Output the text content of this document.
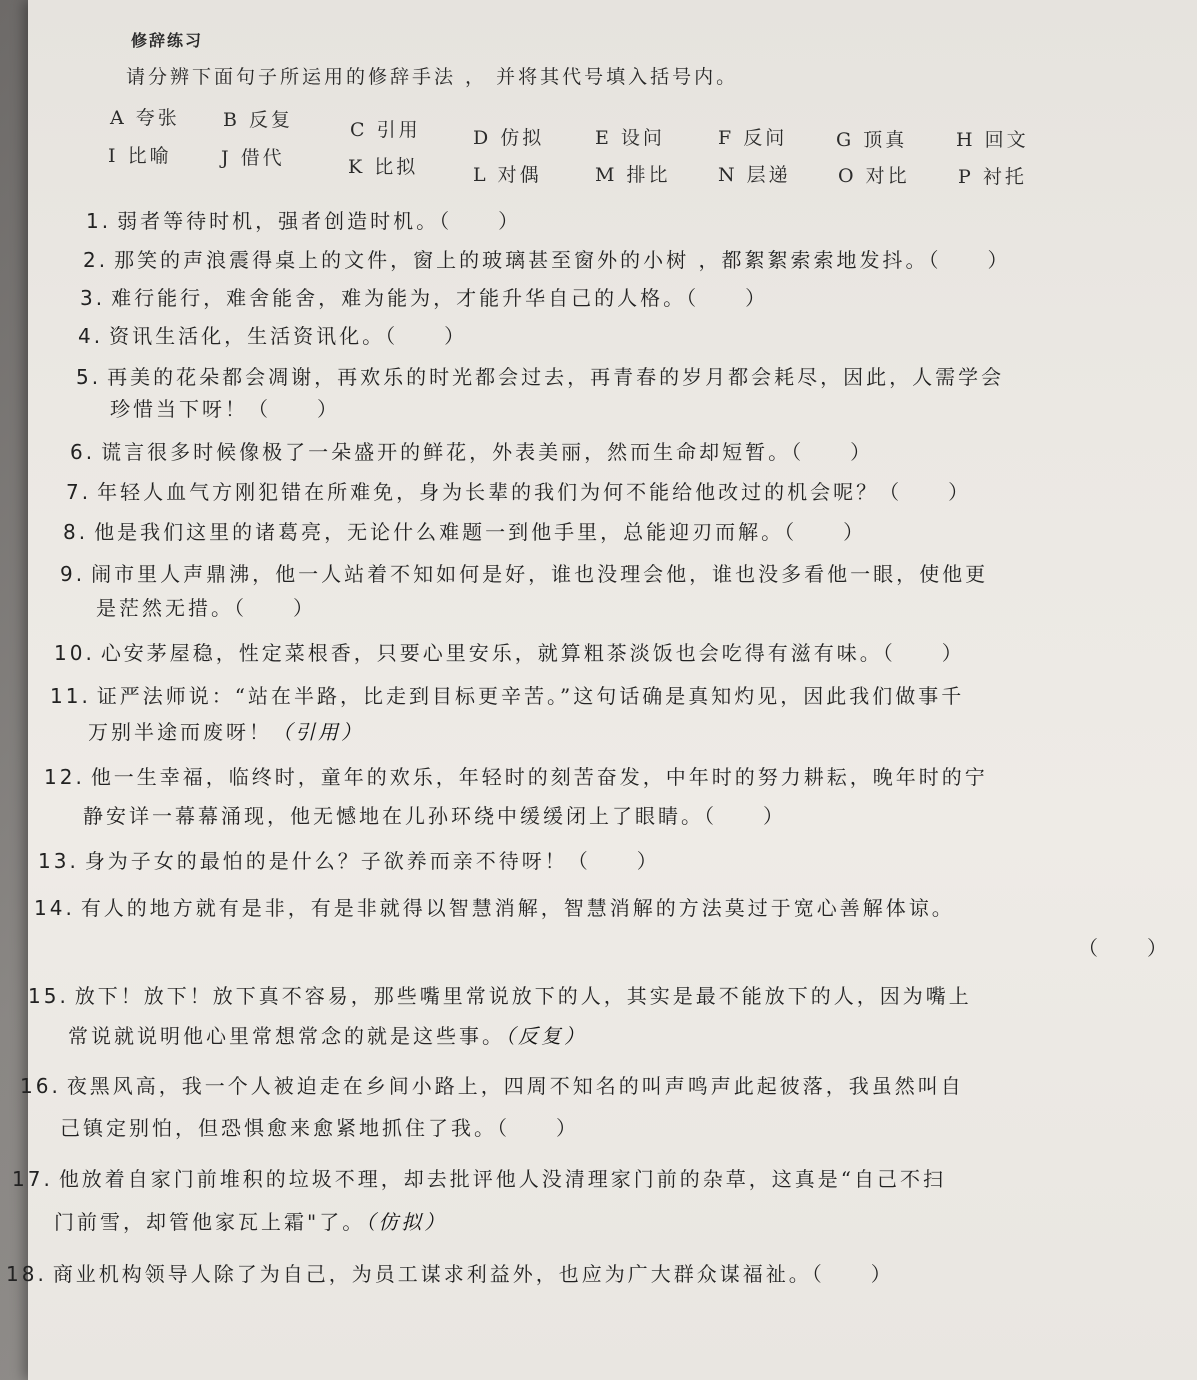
修辞练习
请分辨下面句子所运用的修辞手法 ， 并将其代号填入括号内。
A 夸张 B 反复	C 引用	D 仿拟	E 设问	F 反问	G 顶真	H 回文
I 比喻	J 借代	K 比拟	L 对偶	M 排比 N 层递 O 对比	P 衬托
1. 弱者等待时机，强者创造时机。（　　）
2. 那笑的声浪震得桌上的文件，窗上的玻璃甚至窗外的小树 ，都絮絮索索地发抖。（　　）
3. 难行能行，难舍能舍，难为能为，才能升华自己的人格。（　　）
4. 资讯生活化，生活资讯化。（　　）
5. 再美的花朵都会凋谢，再欢乐的时光都会过去，再青春的岁月都会耗尽，因此，人需学会
珍惜当下呀！（　　）
6. 谎言很多时候像极了一朵盛开的鲜花，外表美丽，然而生命却短暂。（　　）
7. 年轻人血气方刚犯错在所难免，身为长辈的我们为何不能给他改过的机会呢？（　　）
8. 他是我们这里的诸葛亮，无论什么难题一到他手里，总能迎刃而解。（　　）
9. 闹市里人声鼎沸，他一人站着不知如何是好，谁也没理会他，谁也没多看他一眼，使他更
是茫然无措。（　　）
10. 心安茅屋稳，性定菜根香，只要心里安乐，就算粗茶淡饭也会吃得有滋有味。（　　）
11. 证严法师说：“站在半路，比走到目标更辛苦。”这句话确是真知灼见，因此我们做事千
万别半途而废呀！（引用）
12. 他一生幸福，临终时，童年的欢乐，年轻时的刻苦奋发，中年时的努力耕耘，晚年时的宁
静安详一幕幕涌现，他无憾地在儿孙环绕中缓缓闭上了眼睛。（　　）
13. 身为子女的最怕的是什么？子欲养而亲不待呀！（　　）
14. 有人的地方就有是非，有是非就得以智慧消解，智慧消解的方法莫过于宽心善解体谅。
（　　）
15. 放下！放下！放下真不容易，那些嘴里常说放下的人，其实是最不能放下的人，因为嘴上
常说就说明他心里常想常念的就是这些事。（反复）
16. 夜黑风高，我一个人被迫走在乡间小路上，四周不知名的叫声鸣声此起彼落，我虽然叫自
己镇定别怕，但恐惧愈来愈紧地抓住了我。（　　）
17. 他放着自家门前堆积的垃圾不理，却去批评他人没清理家门前的杂草，这真是“自己不扫
门前雪，却管他家瓦上霜"了。（仿拟）
18. 商业机构领导人除了为自己，为员工谋求利益外，也应为广大群众谋福祉。（　　）
